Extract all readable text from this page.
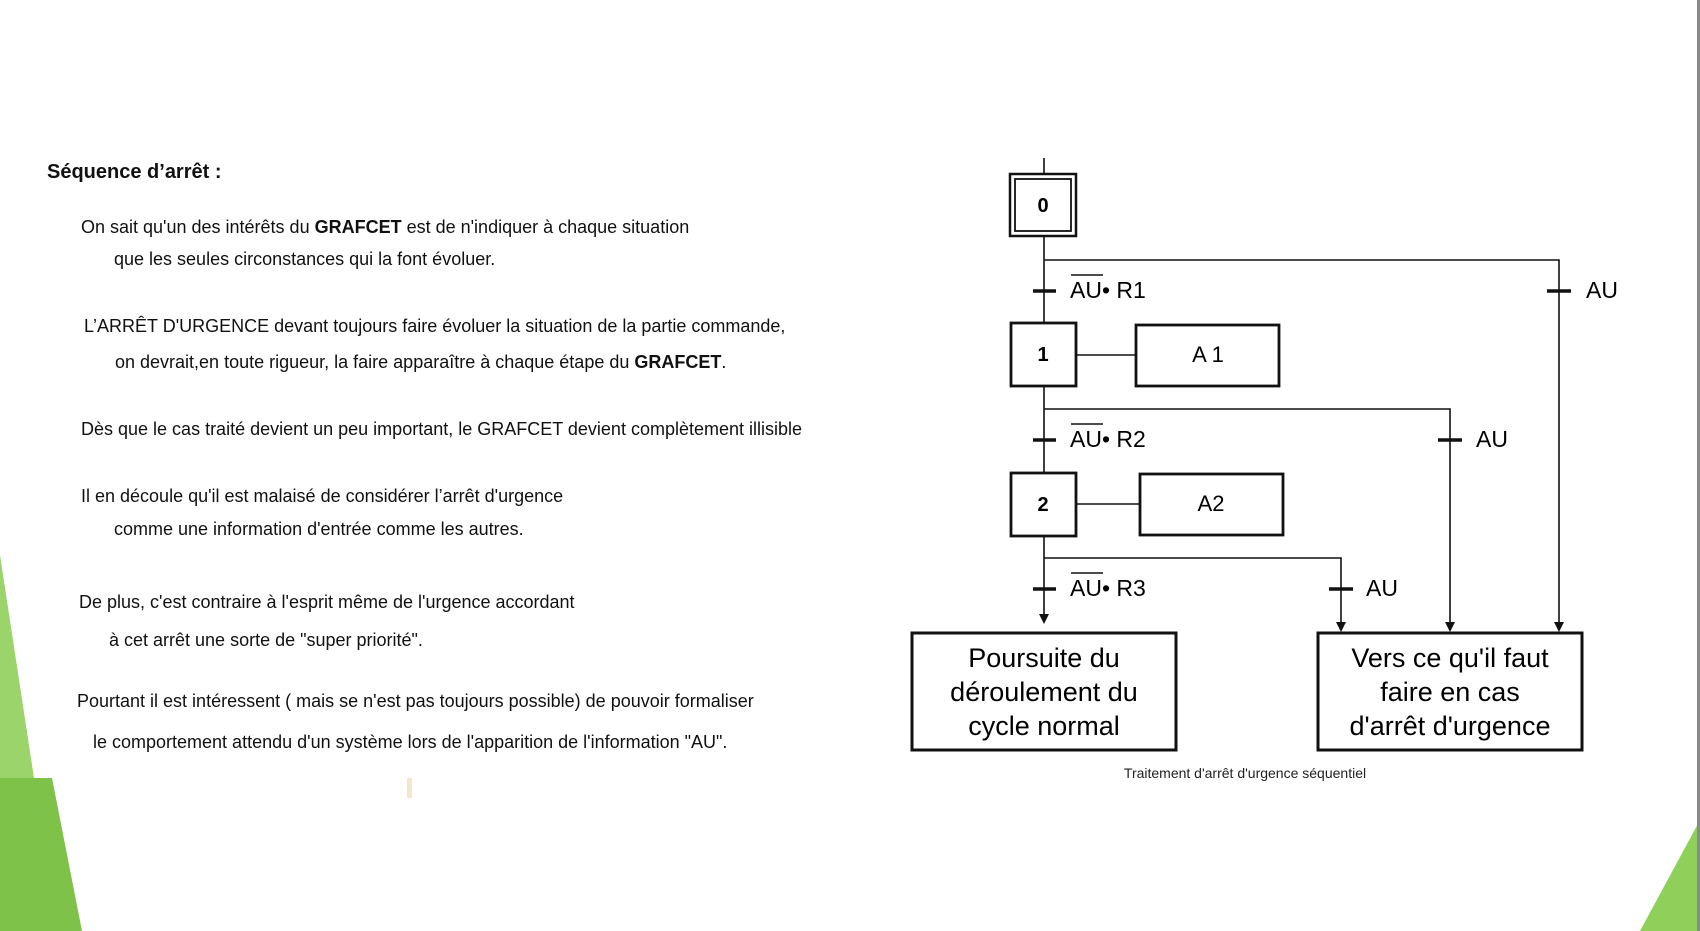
Séquence d’arrêt :
On sait qu'un des intérêts du GRAFCET est de n'indiquer à chaque situation
que les seules circonstances qui la font évoluer.
L’ARRÊT D'URGENCE devant toujours faire évoluer la situation de la partie commande,
on devrait,en toute rigueur, la faire apparaître à chaque étape du GRAFCET.
Dès que le cas traité devient un peu important, le GRAFCET devient complètement illisible
Il en découle qu'il est malaisé de considérer l’arrêt d'urgence
comme une information d'entrée comme les autres.
De plus, c'est contraire à l'esprit même de l'urgence accordant
à cet arrêt une sorte de "super priorité".
Pourtant il est intéressent ( mais se n'est pas toujours possible) de pouvoir formaliser
le comportement attendu d'un système lors de l'apparition de l'information "AU".
0
1	A 1
2	A2
AU• R1
AU• R2
AU• R3
AU
AU
AU
Poursuite du
déroulement du
cycle normal
Vers ce qu'il faut
faire en cas
d'arrêt d'urgence
Traitement d'arrêt d'urgence séquentiel
